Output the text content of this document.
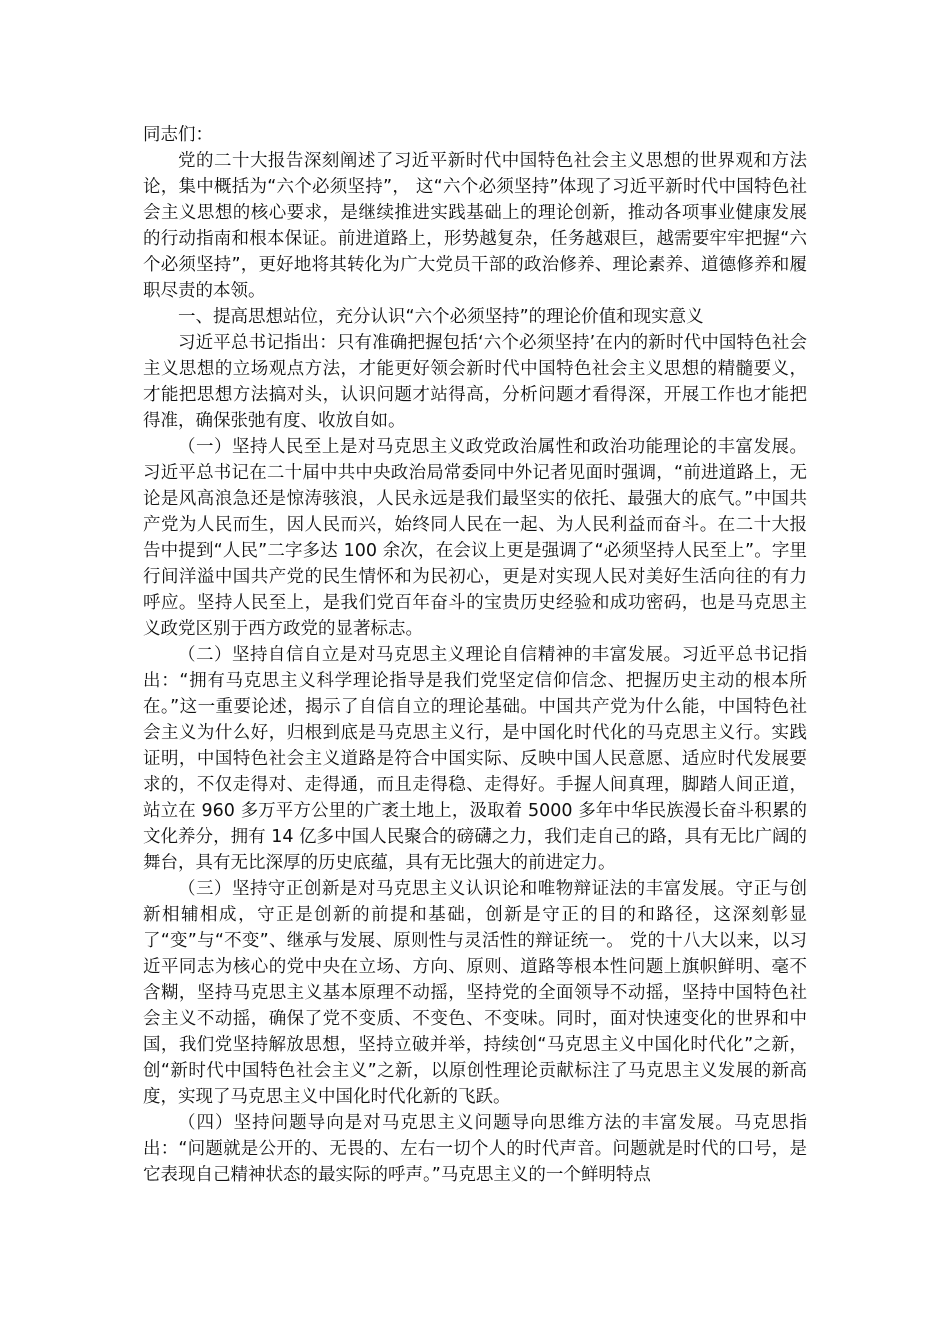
同志们：

党的二十大报告深刻阐述了习近平新时代中国特色社会主义思想的世界观和方法论，集中概括为“六个必须坚持”， 这“六个必须坚持”体现了习近平新时代中国特色社会主义思想的核心要求，是继续推进实践基础上的理论创新，推动各项事业健康发展的行动指南和根本保证。前进道路上，形势越复杂，任务越艰巨，越需要牢牢把握“六个必须坚持”，更好地将其转化为广大党员干部的政治修养、理论素养、道德修养和履职尽责的本领。

一、提高思想站位，充分认识“六个必须坚持”的理论价值和现实意义

习近平总书记指出：只有准确把握包括‘六个必须坚持’在内的新时代中国特色社会主义思想的立场观点方法，才能更好领会新时代中国特色社会主义思想的精髓要义，才能把思想方法搞对头，认识问题才站得高，分析问题才看得深，开展工作也才能把得准，确保张弛有度、收放自如。

（一）坚持人民至上是对马克思主义政党政治属性和政治功能理论的丰富发展。习近平总书记在二十届中共中央政治局常委同中外记者见面时强调，“前进道路上，无论是风高浪急还是惊涛骇浪，人民永远是我们最坚实的依托、最强大的底气。”中国共产党为人民而生，因人民而兴，始终同人民在一起、为人民利益而奋斗。在二十大报告中提到“人民”二字多达 100 余次，在会议上更是强调了“必须坚持人民至上”。字里行间洋溢中国共产党的民生情怀和为民初心，更是对实现人民对美好生活向往的有力呼应。坚持人民至上，是我们党百年奋斗的宝贵历史经验和成功密码，也是马克思主义政党区别于西方政党的显著标志。

（二）坚持自信自立是对马克思主义理论自信精神的丰富发展。习近平总书记指出：“拥有马克思主义科学理论指导是我们党坚定信仰信念、把握历史主动的根本所在。”这一重要论述，揭示了自信自立的理论基础。中国共产党为什么能，中国特色社会主义为什么好，归根到底是马克思主义行，是中国化时代化的马克思主义行。实践证明，中国特色社会主义道路是符合中国实际、反映中国人民意愿、适应时代发展要求的，不仅走得对、走得通，而且走得稳、走得好。手握人间真理，脚踏人间正道，站立在 960 多万平方公里的广袤土地上，汲取着 5000 多年中华民族漫长奋斗积累的文化养分，拥有 14 亿多中国人民聚合的磅礴之力，我们走自己的路，具有无比广阔的舞台，具有无比深厚的历史底蕴，具有无比强大的前进定力。

（三）坚持守正创新是对马克思主义认识论和唯物辩证法的丰富发展。守正与创新相辅相成，守正是创新的前提和基础，创新是守正的目的和路径，这深刻彰显了“变”与“不变”、继承与发展、原则性与灵活性的辩证统一。 党的十八大以来，以习近平同志为核心的党中央在立场、方向、原则、道路等根本性问题上旗帜鲜明、毫不含糊，坚持马克思主义基本原理不动摇，坚持党的全面领导不动摇，坚持中国特色社会主义不动摇，确保了党不变质、不变色、不变味。同时，面对快速变化的世界和中国，我们党坚持解放思想，坚持立破并举，持续创“马克思主义中国化时代化”之新，创“新时代中国特色社会主义”之新，以原创性理论贡献标注了马克思主义发展的新高度，实现了马克思主义中国化时代化新的飞跃。

（四）坚持问题导向是对马克思主义问题导向思维方法的丰富发展。马克思指出：“问题就是公开的、无畏的、左右一切个人的时代声音。问题就是时代的口号，是它表现自己精神状态的最实际的呼声。”马克思主义的一个鲜明特点
